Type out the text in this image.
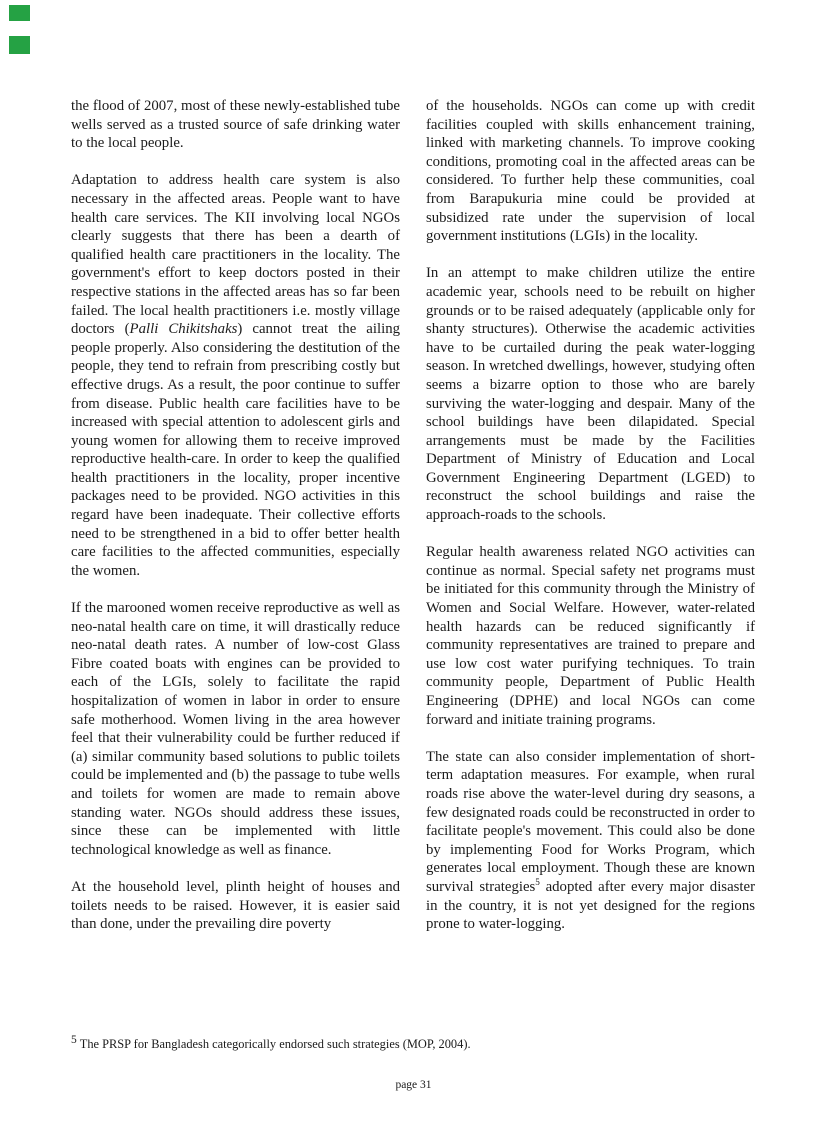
the flood of 2007, most of these newly-established tube wells served as a trusted source of safe drinking water to the local people.

Adaptation to address health care system is also necessary in the affected areas. People want to have health care services. The KII involving local NGOs clearly suggests that there has been a dearth of qualified health care practitioners in the locality. The government's effort to keep doctors posted in their respective stations in the affected areas has so far been failed. The local health practitioners i.e. mostly village doctors (Palli Chikitshaks) cannot treat the ailing people properly. Also considering the destitution of the people, they tend to refrain from prescribing costly but effective drugs. As a result, the poor continue to suffer from disease. Public health care facilities have to be increased with special attention to adolescent girls and young women for allowing them to receive improved reproductive health-care. In order to keep the qualified health practitioners in the locality, proper incentive packages need to be provided. NGO activities in this regard have been inadequate. Their collective efforts need to be strengthened in a bid to offer better health care facilities to the affected communities, especially the women.

If the marooned women receive reproductive as well as neo-natal health care on time, it will drastically reduce neo-natal death rates. A number of low-cost Glass Fibre coated boats with engines can be provided to each of the LGIs, solely to facilitate the rapid hospitalization of women in labor in order to ensure safe motherhood. Women living in the area however feel that their vulnerability could be further reduced if (a) similar community based solutions to public toilets could be implemented and (b) the passage to tube wells and toilets for women are made to remain above standing water. NGOs should address these issues, since these can be implemented with little technological knowledge as well as finance.

At the household level, plinth height of houses and toilets needs to be raised. However, it is easier said than done, under the prevailing dire poverty

of the households. NGOs can come up with credit facilities coupled with skills enhancement training, linked with marketing channels. To improve cooking conditions, promoting coal in the affected areas can be considered. To further help these communities, coal from Barapukuria mine could be provided at subsidized rate under the supervision of local government institutions (LGIs) in the locality.

In an attempt to make children utilize the entire academic year, schools need to be rebuilt on higher grounds or to be raised adequately (applicable only for shanty structures). Otherwise the academic activities have to be curtailed during the peak water-logging season. In wretched dwellings, however, studying often seems a bizarre option to those who are barely surviving the water-logging and despair. Many of the school buildings have been dilapidated. Special arrangements must be made by the Facilities Department of Ministry of Education and Local Government Engineering Department (LGED) to reconstruct the school buildings and raise the approach-roads to the schools.

Regular health awareness related NGO activities can continue as normal. Special safety net programs must be initiated for this community through the Ministry of Women and Social Welfare. However, water-related health hazards can be reduced significantly if community representatives are trained to prepare and use low cost water purifying techniques. To train community people, Department of Public Health Engineering (DPHE) and local NGOs can come forward and initiate training programs.

The state can also consider implementation of short-term adaptation measures. For example, when rural roads rise above the water-level during dry seasons, a few designated roads could be reconstructed in order to facilitate people's movement. This could also be done by implementing Food for Works Program, which generates local employment. Though these are known survival strategies$^5$ adopted after every major disaster in the country, it is not yet designed for the regions prone to water-logging.

5 The PRSP for Bangladesh categorically endorsed such strategies (MOP, 2004).
page 31
